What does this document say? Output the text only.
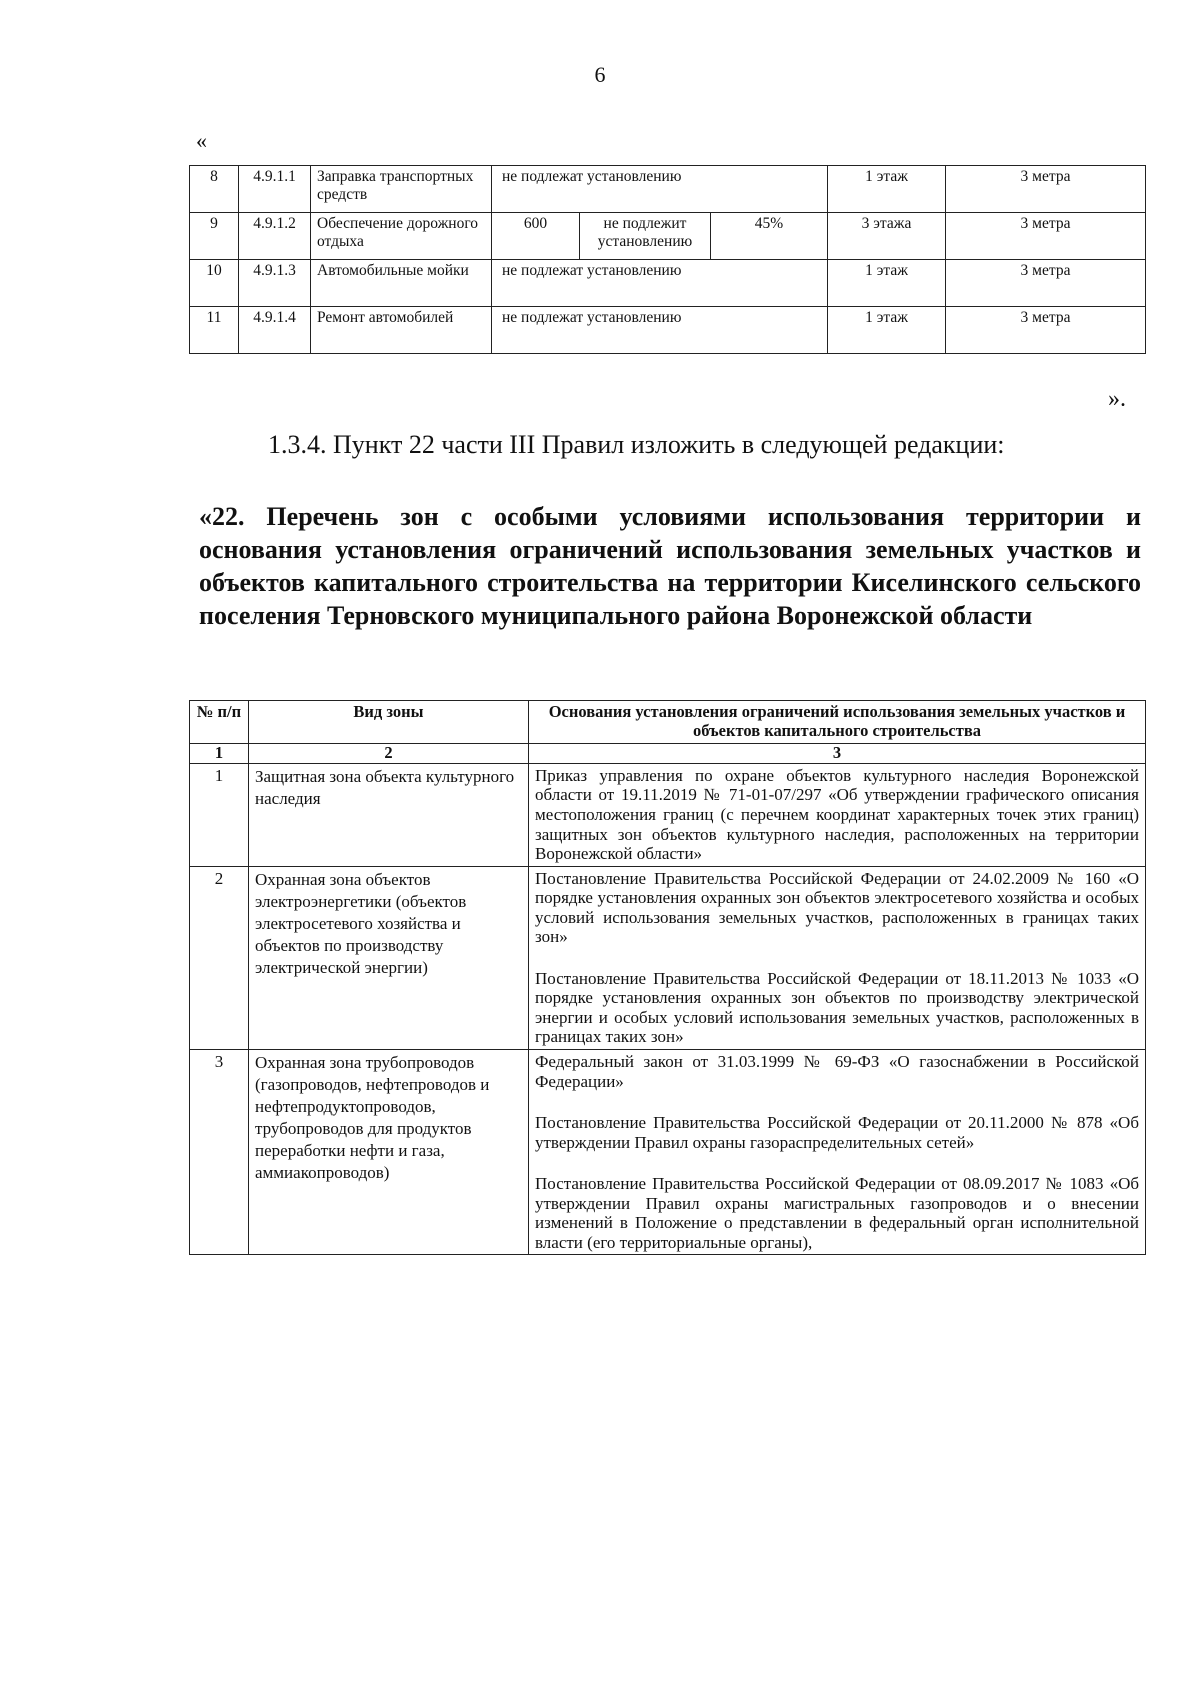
6
«
8	4.9.1.1	Заправка транспортных средств	не подлежат установлению			1 этаж	3 метра
9	4.9.1.2	Обеспечение дорожного отдыха	600	не подлежит установлению	45%	3 этажа	3 метра
10	4.9.1.3	Автомобильные мойки	не подлежат установлению			1 этаж	3 метра
11	4.9.1.4	Ремонт автомобилей	не подлежат установлению			1 этаж	3 метра
».
1.3.4. Пункт 22 части III Правил изложить в следующей редакции:
«22. Перечень зон с особыми условиями использования территории и основания установления ограничений использования земельных участков и объектов капитального строительства на территории Киселинского сельского поселения Терновского муниципального района Воронежской области
№ п/п	Вид зоны	Основания установления ограничений использования земельных участков и объектов капитального строительства
1	2	3
1	Защитная зона объекта культурного наследия	Приказ управления по охране объектов культурного наследия Воронежской области от 19.11.2019 № 71-01-07/297 «Об утверждении графического описания местоположения границ (с перечнем координат характерных точек этих границ) защитных зон объектов культурного наследия, расположенных на территории Воронежской области»

2	Охранная зона объектов электроэнергетики (объектов электросетевого хозяйства и объектов по производству электрической энергии)	Постановление Правительства Российской Федерации от 24.02.2009 № 160 «О порядке установления охранных зон объектов электросетевого хозяйства и особых условий использования земельных участков, расположенных в границах таких зон»

Постановление Правительства Российской Федерации от 18.11.2013 № 1033 «О порядке установления охранных зон объектов по производству электрической энергии и особых условий использования земельных участков, расположенных в границах таких зон»

3	Охранная зона трубопроводов (газопроводов, нефтепроводов и нефтепродуктопроводов, трубопроводов для продуктов переработки нефти и газа, аммиакопроводов)	Федеральный закон от 31.03.1999 № 69-ФЗ «О газоснабжении в Российской Федерации»

Постановление Правительства Российской Федерации от 20.11.2000 № 878 «Об утверждении Правил охраны газораспределительных сетей»

Постановление Правительства Российской Федерации от 08.09.2017 № 1083 «Об утверждении Правил охраны магистральных газопроводов и о внесении изменений в Положение о представлении в федеральный орган исполнительной власти (его территориальные органы),
